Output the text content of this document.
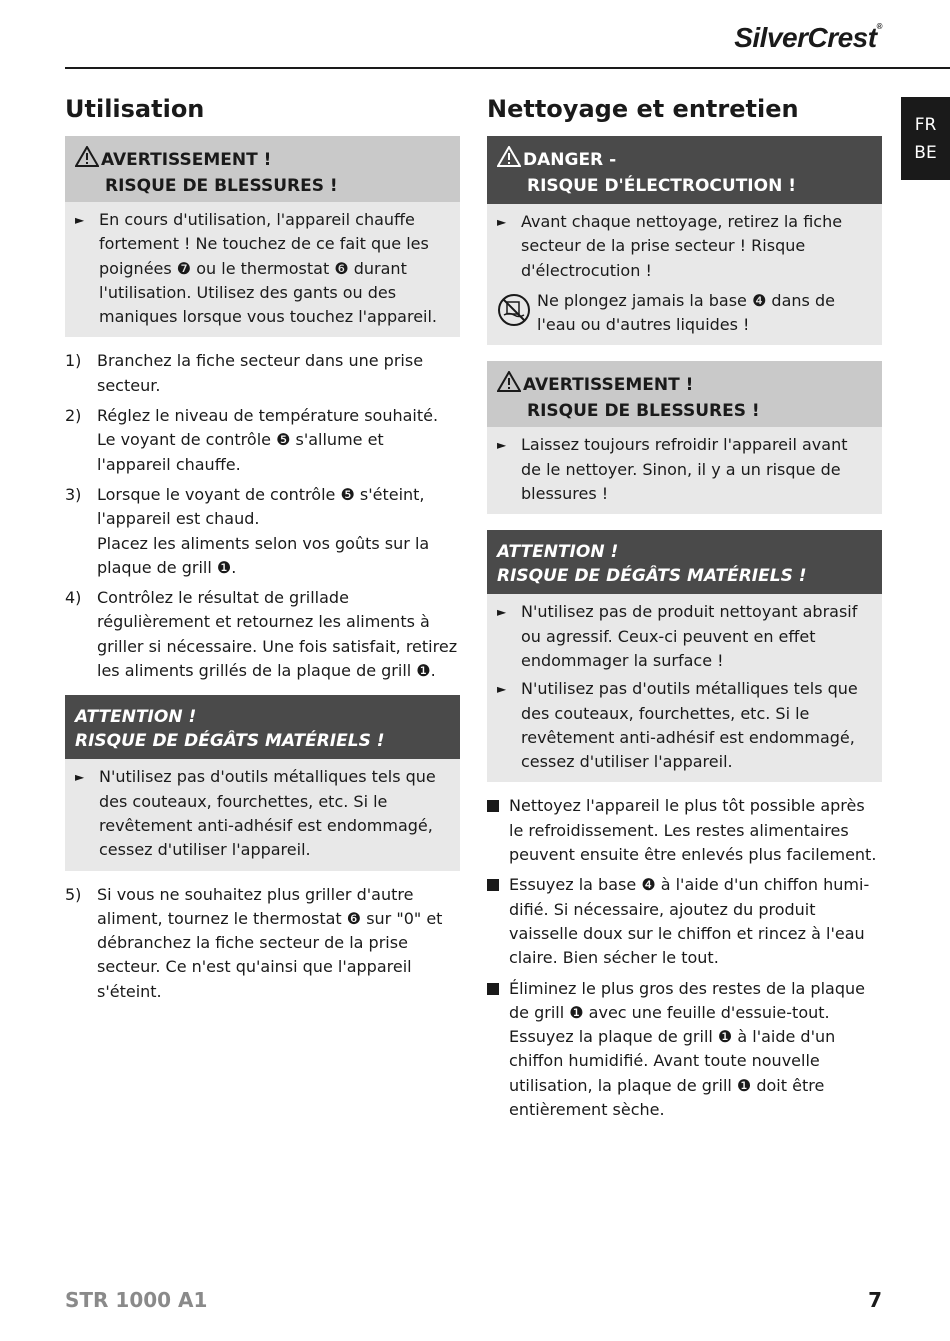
SilverCrest®
FR
BE
Utilisation
AVERTISSEMENT !
RISQUE DE BLESSURES !
► En cours d'utilisation, l'appareil chauffe fortement ! Ne touchez de ce fait que les poignées ❼ ou le thermostat ❻ durant l'utilisation. Utilisez des gants ou des maniques lorsque vous touchez l'appareil.
1) Branchez la fiche secteur dans une prise secteur.
2) Réglez le niveau de température souhaité.
Le voyant de contrôle ❺ s'allume et l'appareil chauffe.
3) Lorsque le voyant de contrôle ❺ s'éteint, l'appareil est chaud.
Placez les aliments selon vos goûts sur la plaque de grill ❶.
4) Contrôlez le résultat de grillade régulièrement et retournez les aliments à griller si nécessaire. Une fois satisfait, retirez les aliments grillés de la plaque de grill ❶.
ATTENTION !
RISQUE DE DÉGÂTS MATÉRIELS !
► N'utilisez pas d'outils métalliques tels que des couteaux, fourchettes, etc. Si le revêtement anti-adhésif est endommagé, cessez d'utiliser l'appareil.
5) Si vous ne souhaitez plus griller d'autre aliment, tournez le thermostat ❻ sur "0" et débranchez la fiche secteur de la prise secteur. Ce n'est qu'ainsi que l'appareil s'éteint.
Nettoyage et entretien
DANGER -
RISQUE D'ÉLECTROCUTION !
► Avant chaque nettoyage, retirez la fiche secteur de la prise secteur ! Risque d'électrocution !
Ne plongez jamais la base ❹ dans de l'eau ou d'autres liquides !
AVERTISSEMENT !
RISQUE DE BLESSURES !
► Laissez toujours refroidir l'appareil avant de le nettoyer. Sinon, il y a un risque de blessures !
ATTENTION !
RISQUE DE DÉGÂTS MATÉRIELS !
► N'utilisez pas de produit nettoyant abrasif ou agressif. Ceux-ci peuvent en effet endommager la surface !
► N'utilisez pas d'outils métalliques tels que des couteaux, fourchettes, etc. Si le revêtement anti-adhésif est endommagé, cessez d'utiliser l'appareil.
Nettoyez l'appareil le plus tôt possible après le refroidissement. Les restes alimentaires peuvent ensuite être enlevés plus facilement.
Essuyez la base ❹ à l'aide d'un chiffon humi-difié. Si nécessaire, ajoutez du produit vaisselle doux sur le chiffon et rincez à l'eau claire. Bien sécher le tout.
Éliminez le plus gros des restes de la plaque de grill ❶ avec une feuille d'essuie-tout. Essuyez la plaque de grill ❶ à l'aide d'un chiffon humidifié. Avant toute nouvelle utilisation, la plaque de grill ❶ doit être entièrement sèche.
STR 1000 A1	7
